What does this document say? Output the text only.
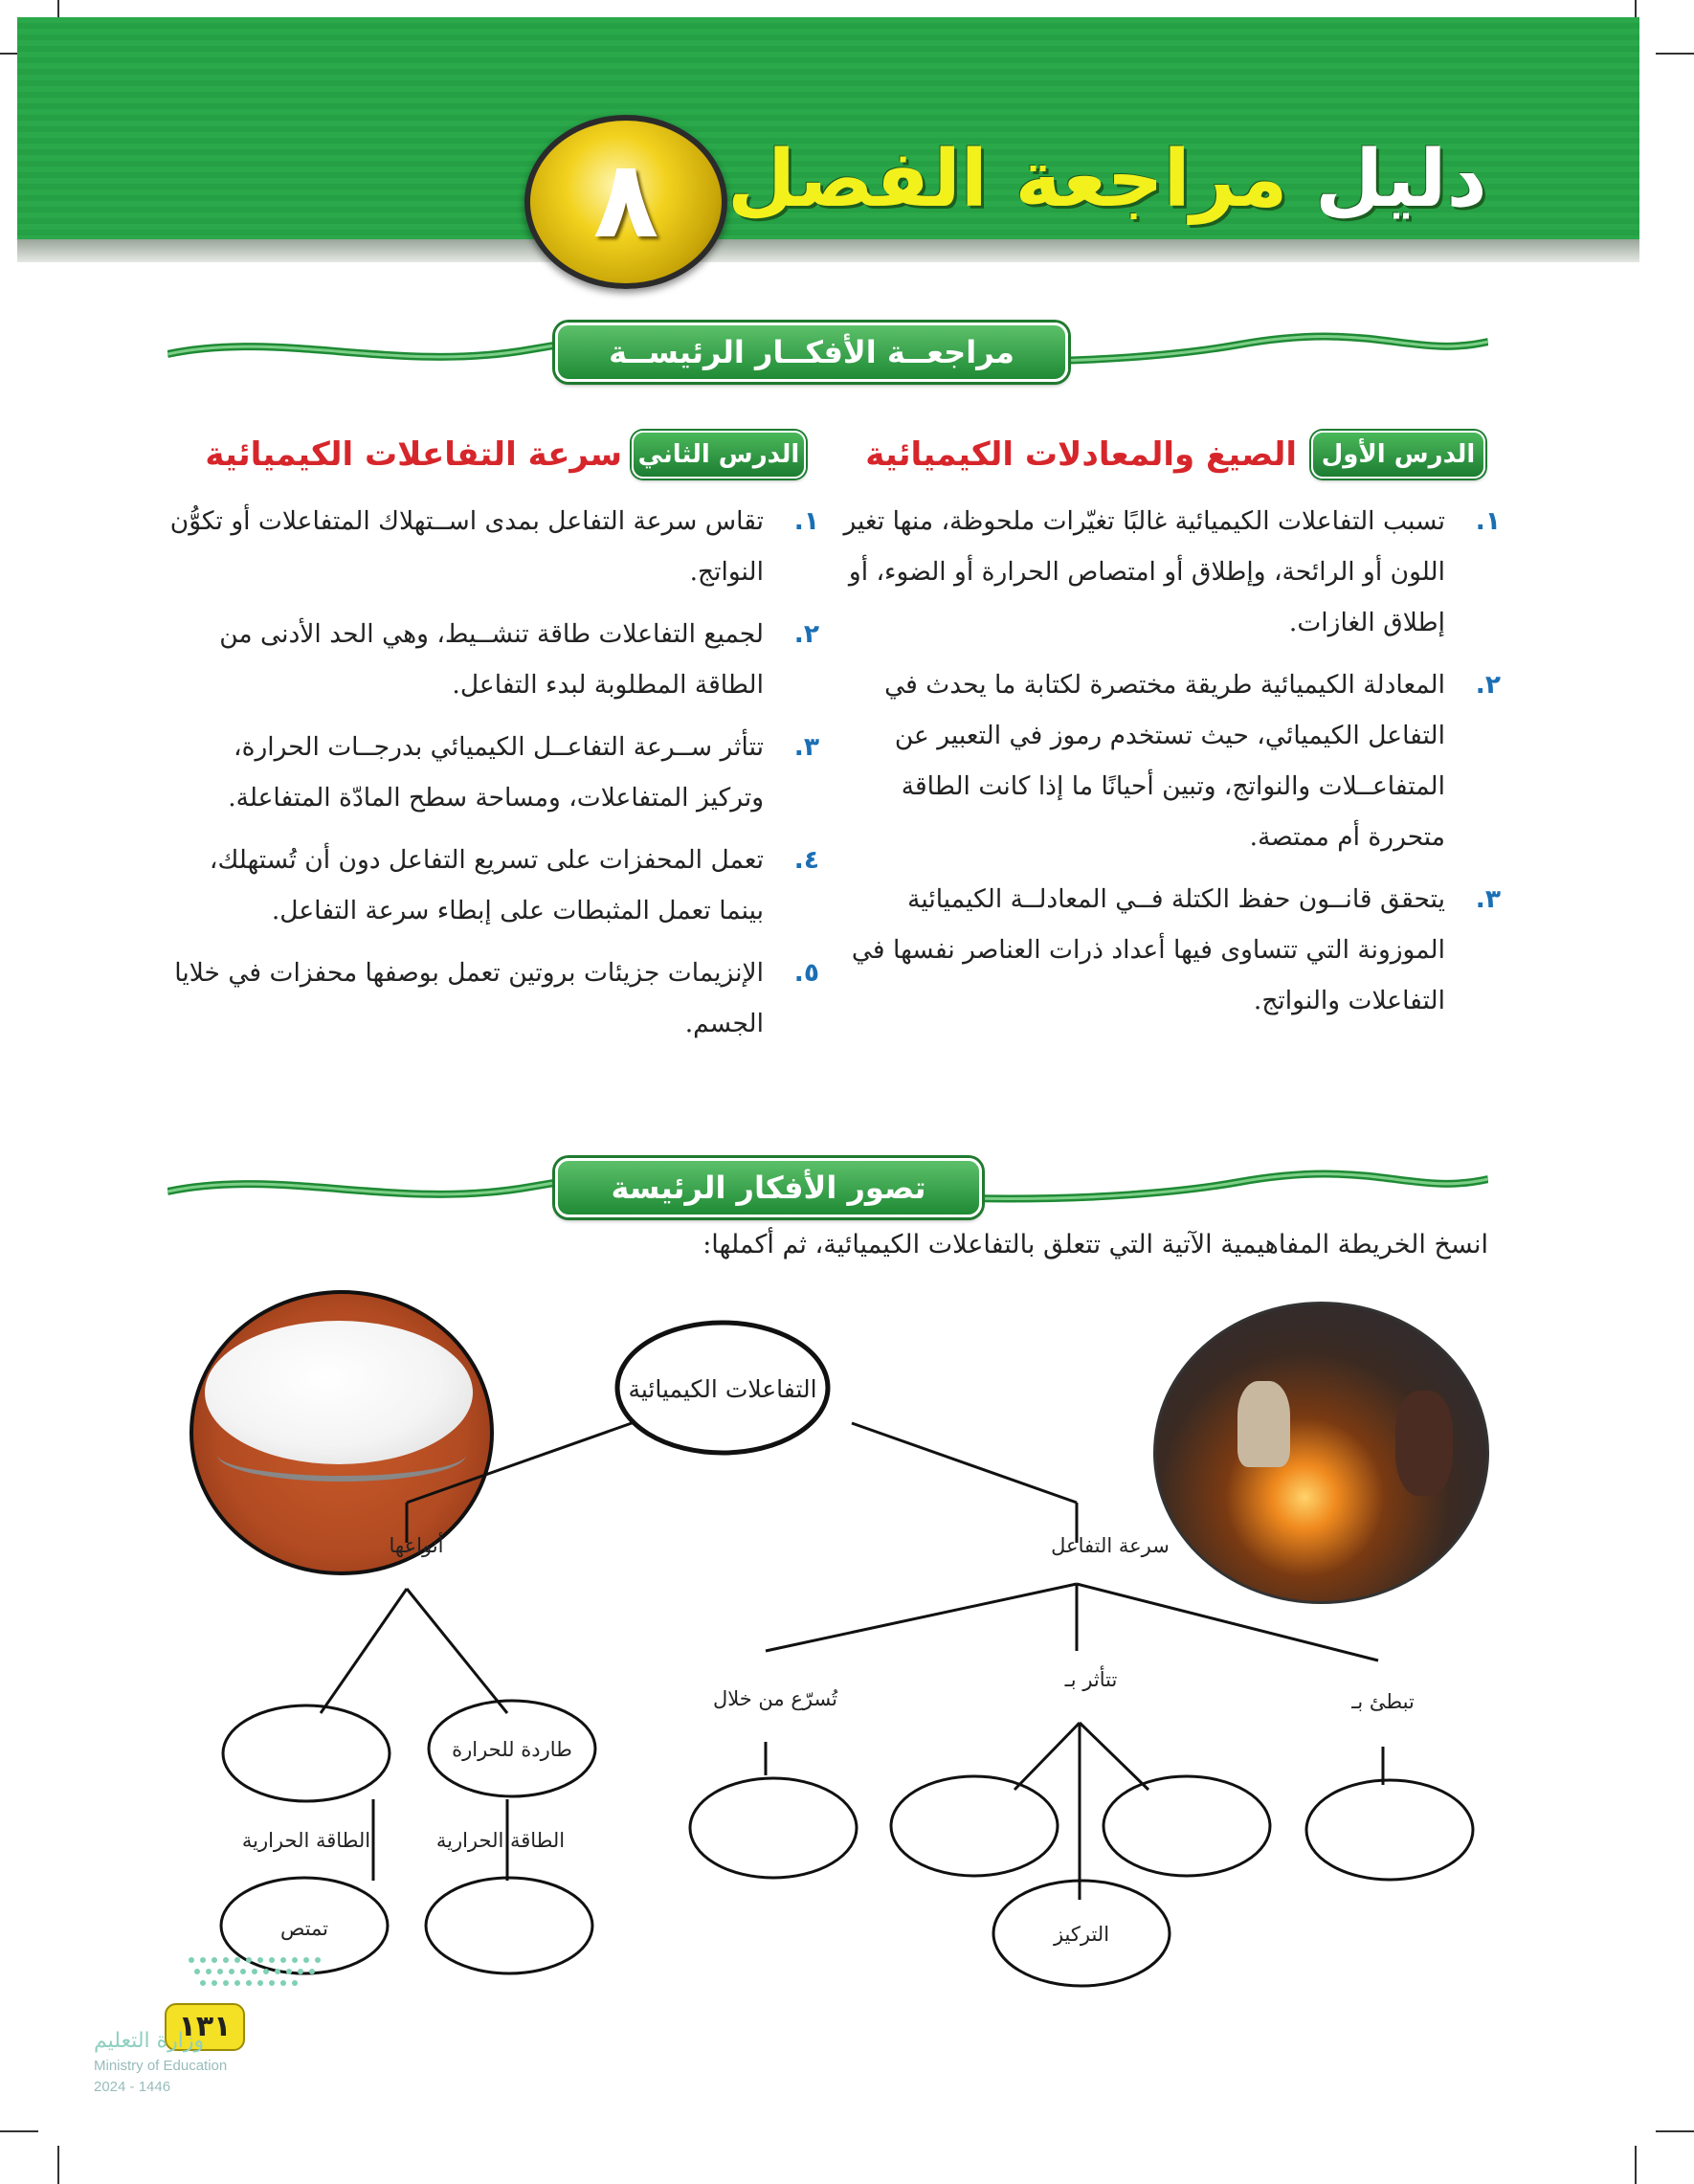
٨	دليل مراجعة الفصل
مراجعــة الأفكــار الرئيســة
الدرس الأول
الصيغ والمعادلات الكيميائية
١.
تسبب التفاعلات الكيميائية غالبًا تغيّرات ملحوظة، منها تغير اللون أو الرائحة، وإطلاق أو امتصاص الحرارة أو الضوء، أو إطلاق الغازات.
٢.
المعادلة الكيميائية طريقة مختصرة لكتابة ما يحدث في التفاعل الكيميائي، حيث تستخدم رموز في التعبير عن المتفاعــلات والنواتج، وتبين أحيانًا ما إذا كانت الطاقة متحررة أم ممتصة.
٣.
يتحقق قانــون حفظ الكتلة فــي المعادلــة الكيميائية الموزونة التي تتساوى فيها أعداد ذرات العناصر نفسها في التفاعلات والنواتج.
الدرس الثاني
سرعة التفاعلات الكيميائية
١.
تقاس سرعة التفاعل بمدى اســتهلاك المتفاعلات أو تكوُّن النواتج.
٢.
لجميع التفاعلات طاقة تنشــيط، وهي الحد الأدنى من الطاقة المطلوبة لبدء التفاعل.
٣.
تتأثر ســرعة التفاعــل الكيميائي بدرجــات الحرارة، وتركيز المتفاعلات، ومساحة سطح المادّة المتفاعلة.
٤.
تعمل المحفزات على تسريع التفاعل دون أن تُستهلك، بينما تعمل المثبطات على إبطاء سرعة التفاعل.
٥.
الإنزيمات جزيئات بروتين تعمل بوصفها محفزات في خلايا الجسم.
تصور الأفكار الرئيسة
انسخ الخريطة المفاهيمية الآتية التي تتعلق بالتفاعلات الكيميائية، ثم أكملها:
التفاعلات الكيميائية
سرعة التفاعل
أنواعها
تبطئ بـ
تتأثر بـ
تُسرّع من خلال
طاردة للحرارة
التركيز
الطاقة الحرارية	الطاقة الحرارية
تمتص
١٣١
وزارة التعليم
Ministry of Education
2024 - 1446
